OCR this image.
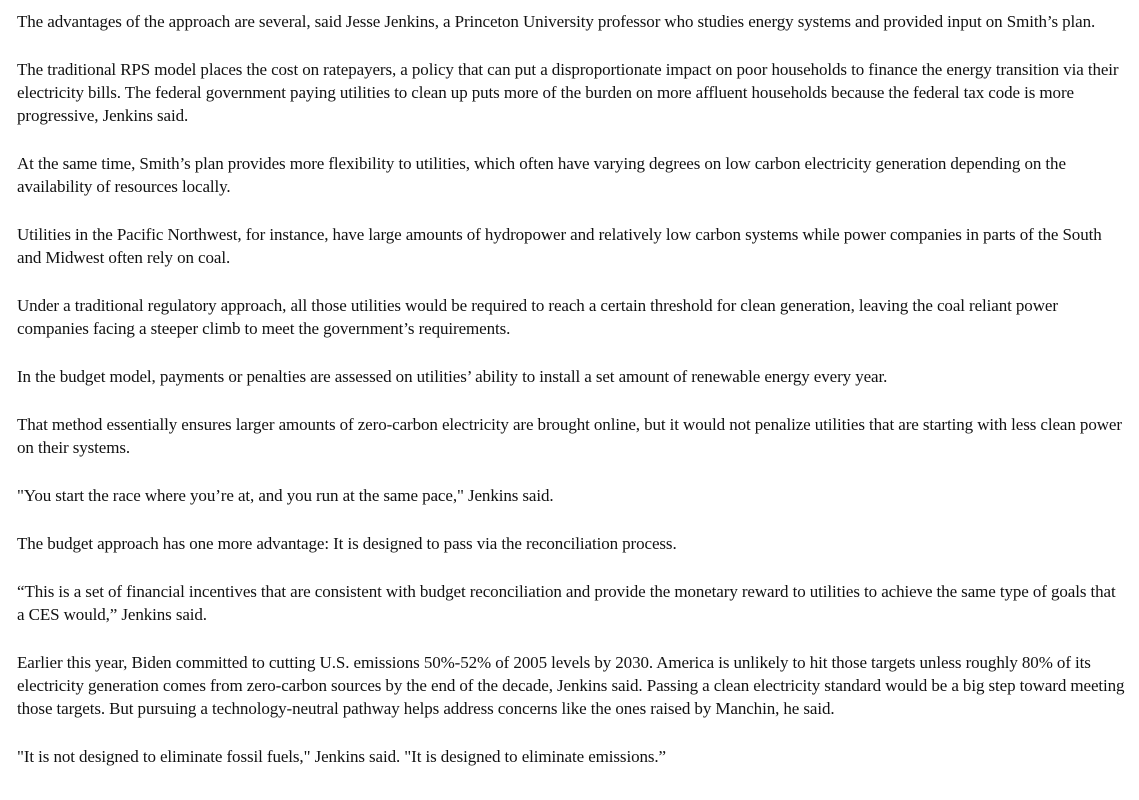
The advantages of the approach are several, said Jesse Jenkins, a Princeton University professor who studies energy systems and provided input on Smith’s plan.

The traditional RPS model places the cost on ratepayers, a policy that can put a disproportionate impact on poor households to finance the energy transition via their electricity bills. The federal government paying utilities to clean up puts more of the burden on more affluent households because the federal tax code is more progressive, Jenkins said.

At the same time, Smith’s plan provides more flexibility to utilities, which often have varying degrees on low carbon electricity generation depending on the availability of resources locally.

Utilities in the Pacific Northwest, for instance, have large amounts of hydropower and relatively low carbon systems while power companies in parts of the South and Midwest often rely on coal.

Under a traditional regulatory approach, all those utilities would be required to reach a certain threshold for clean generation, leaving the coal reliant power companies facing a steeper climb to meet the government’s requirements.

In the budget model, payments or penalties are assessed on utilities’ ability to install a set amount of renewable energy every year.

That method essentially ensures larger amounts of zero-carbon electricity are brought online, but it would not penalize utilities that are starting with less clean power on their systems.

"You start the race where you’re at, and you run at the same pace," Jenkins said.

The budget approach has one more advantage: It is designed to pass via the reconciliation process.

“This is a set of financial incentives that are consistent with budget reconciliation and provide the monetary reward to utilities to achieve the same type of goals that a CES would,” Jenkins said.

Earlier this year, Biden committed to cutting U.S. emissions 50%-52% of 2005 levels by 2030. America is unlikely to hit those targets unless roughly 80% of its electricity generation comes from zero-carbon sources by the end of the decade, Jenkins said. Passing a clean electricity standard would be a big step toward meeting those targets. But pursuing a technology-neutral pathway helps address concerns like the ones raised by Manchin, he said.

"It is not designed to eliminate fossil fuels," Jenkins said. "It is designed to eliminate emissions.”
